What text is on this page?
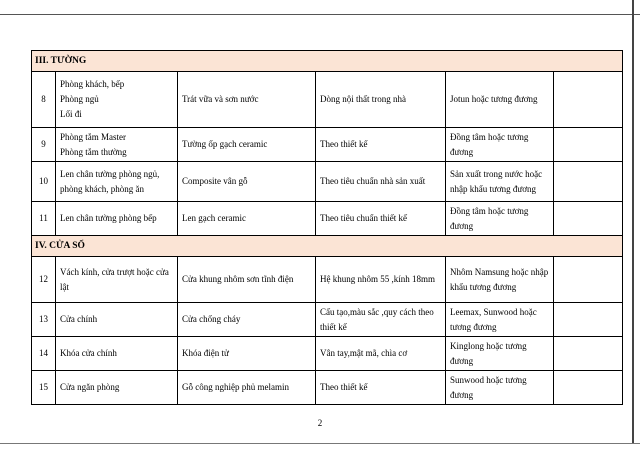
III. TƯỜNG					
8	Phòng khách, bếp
Phòng ngủ
Lối đi	Trát vữa và sơn nước	Dòng nội thất trong nhà	Jotun hoặc tương đương	
9	Phòng tắm Master
Phòng tắm thường	Tường ốp gạch ceramic	Theo thiết kế	Đồng tâm hoặc tương đương	
10	Len chân tường phòng ngủ, phòng khách, phòng ăn	Composite vân gỗ	Theo tiêu chuẩn nhà sản xuất	Sản xuất trong nước hoặc nhập khẩu tương đương	
11	Len chân tường phòng bếp	Len gạch ceramic	Theo tiêu chuẩn thiết kế	Đồng tâm hoặc tương đương	
IV. CỬA SỔ					
12	Vách kính, cửa trượt hoặc cửa lật	Cửa khung nhôm sơn tĩnh điện	Hệ khung nhôm 55 ,kính 18mm	Nhôm Namsung hoặc nhập khẩu tương đương	
13	Cửa chính	Cửa chống cháy	Cấu tạo,màu sắc ,quy cách theo thiết kế	Leemax, Sunwood hoặc tương đương	
14	Khóa cửa chính	Khóa điện tử	Vân tay,mật mã, chìa cơ	Kinglong hoặc tương đương	
15	Cửa ngăn phòng	Gỗ công nghiệp phủ melamin	Theo thiết kế	Sunwood hoặc tương đương	
2
